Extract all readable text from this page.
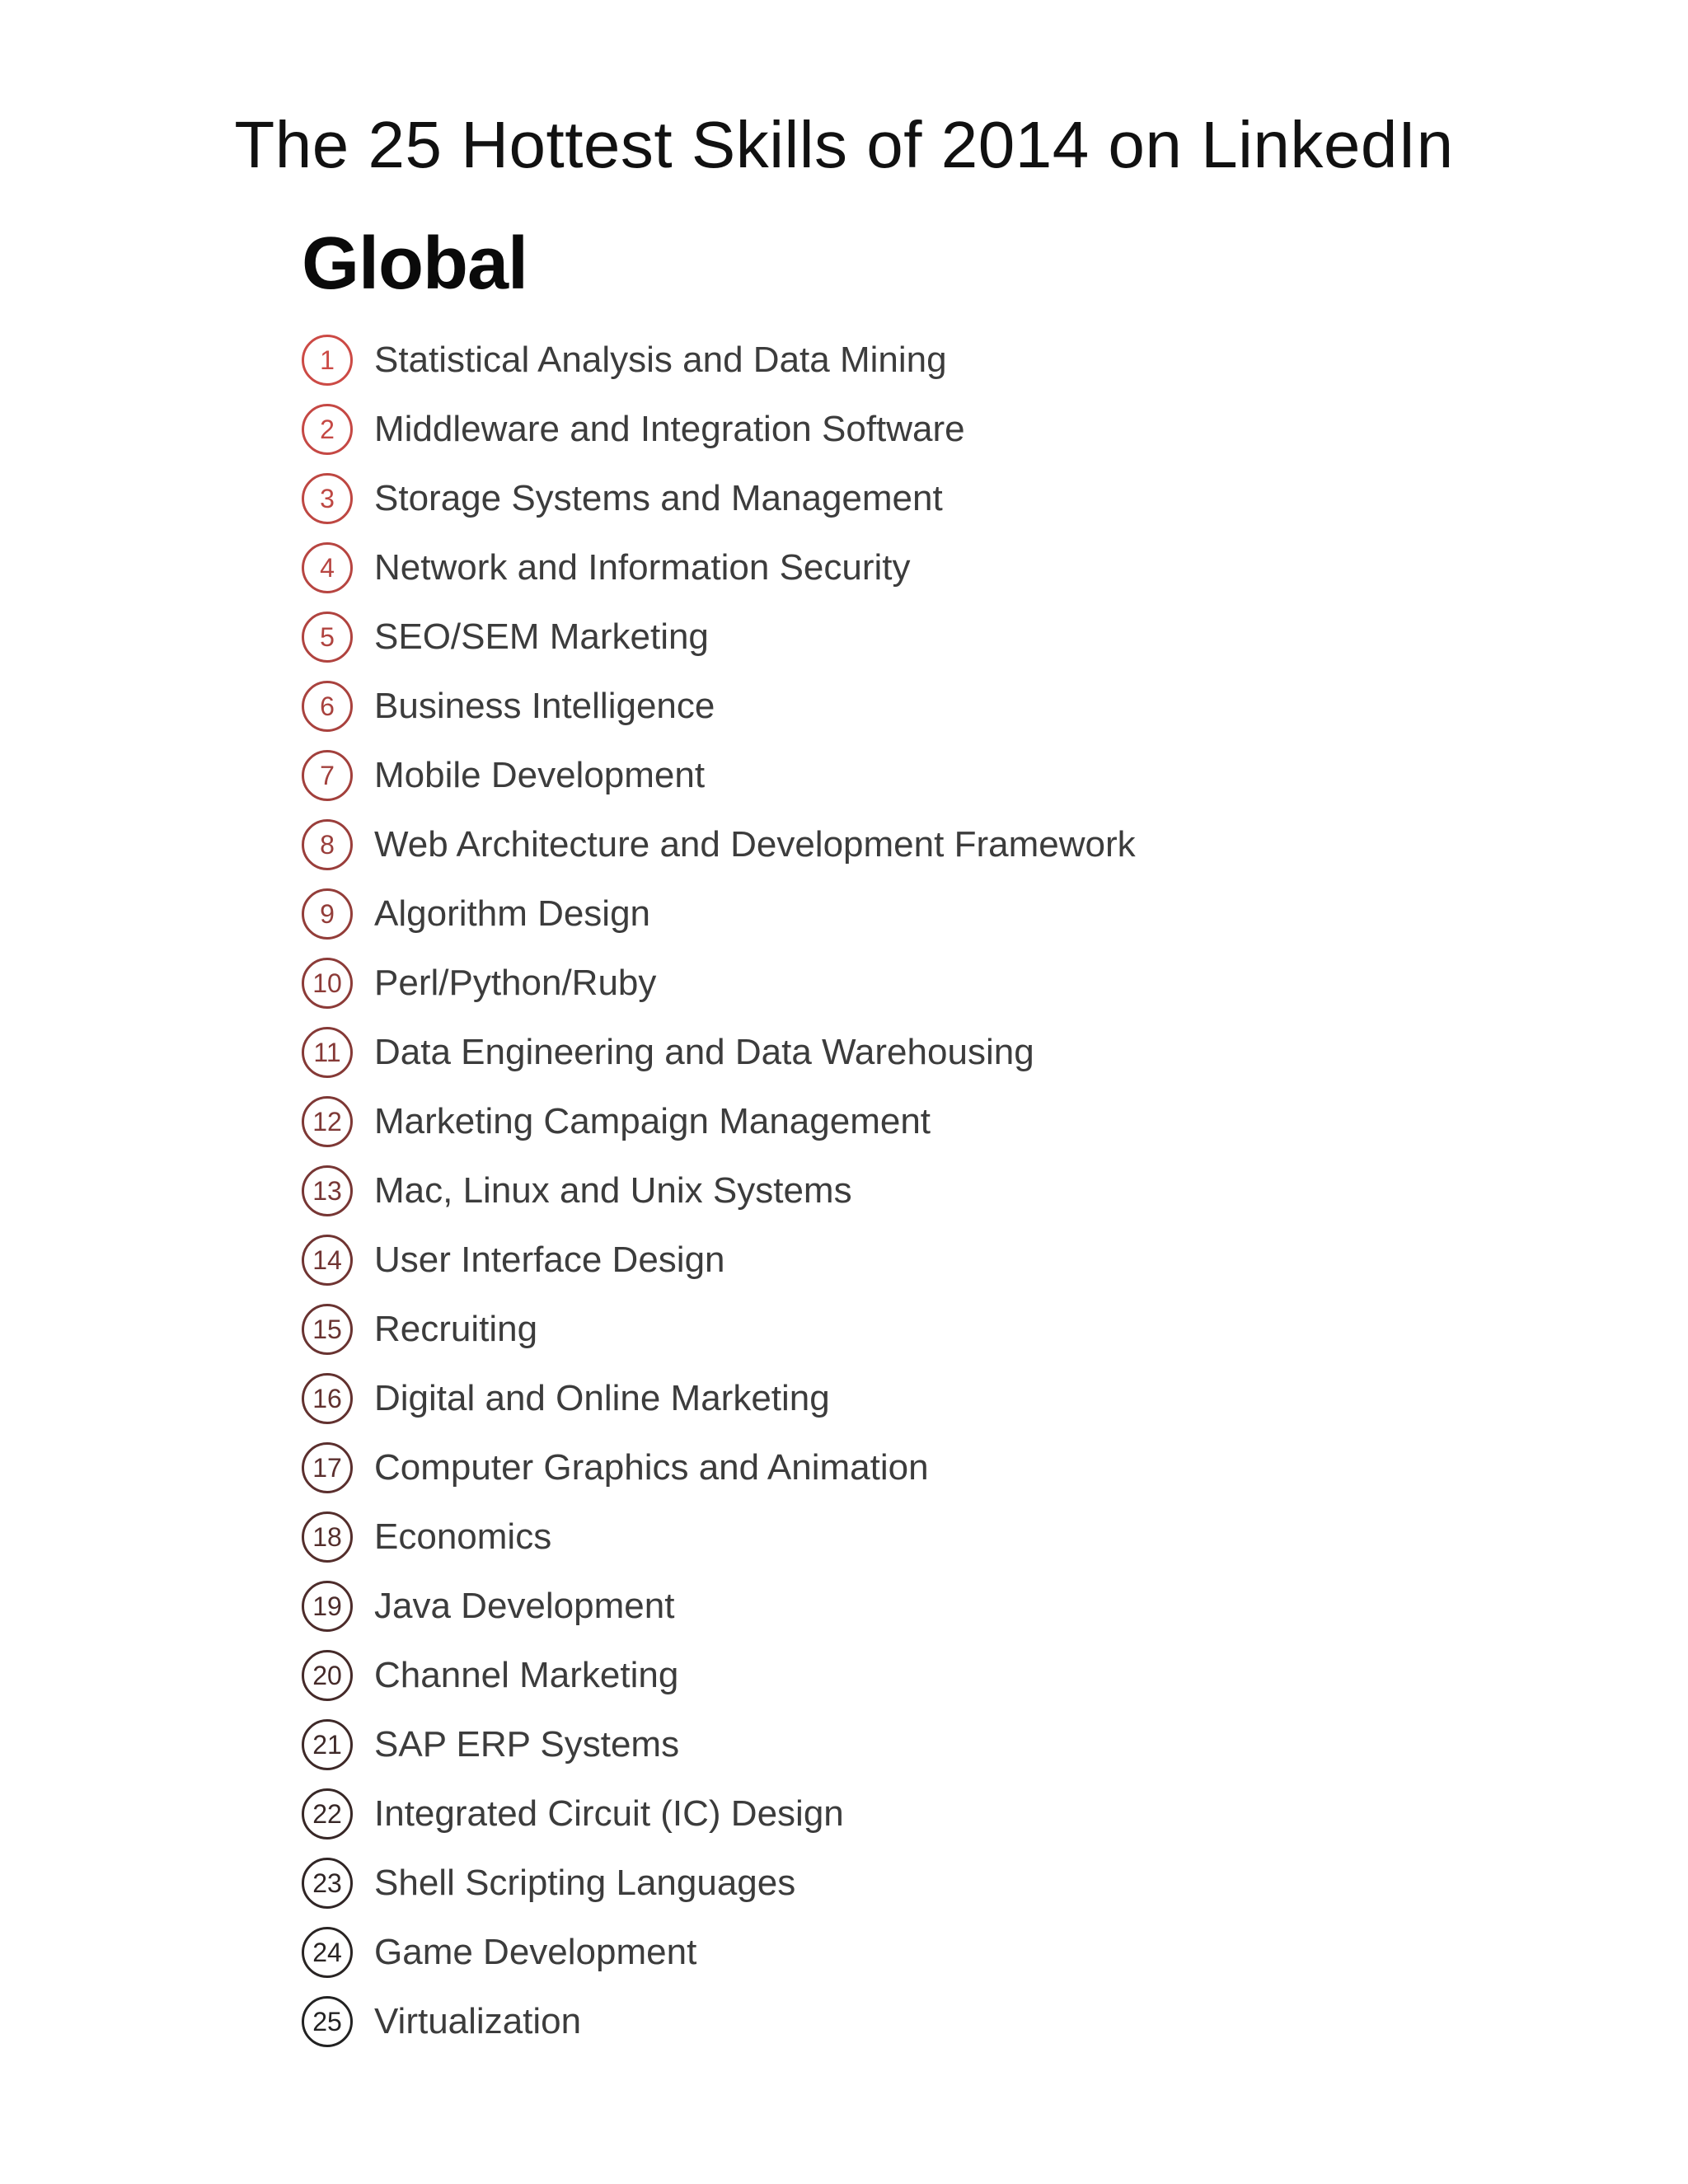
The 25 Hottest Skills of 2014 on LinkedIn
Global
1 Statistical Analysis and Data Mining
2 Middleware and Integration Software
3 Storage Systems and Management
4 Network and Information Security
5 SEO/SEM Marketing
6 Business Intelligence
7 Mobile Development
8 Web Architecture and Development Framework
9 Algorithm Design
10 Perl/Python/Ruby
11 Data Engineering and Data Warehousing
12 Marketing Campaign Management
13 Mac, Linux and Unix Systems
14 User Interface Design
15 Recruiting
16 Digital and Online Marketing
17 Computer Graphics and Animation
18 Economics
19 Java Development
20 Channel Marketing
21 SAP ERP Systems
22 Integrated Circuit (IC) Design
23 Shell Scripting Languages
24 Game Development
25 Virtualization
